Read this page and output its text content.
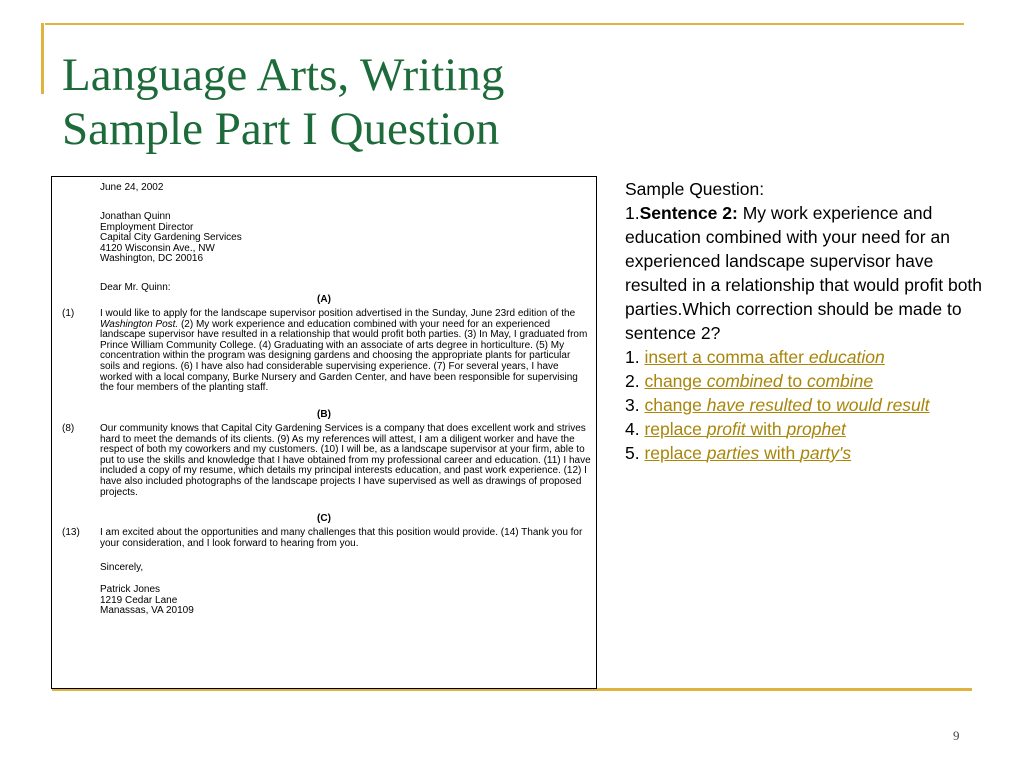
Language Arts, Writing
Sample Part I Question
June 24, 2002
Jonathan Quinn
Employment Director
Capital City Gardening Services
4120 Wisconsin Ave., NW
Washington, DC 20016
Dear Mr. Quinn:
(A)
(1)	I would like to apply for the landscape supervisor position advertised in the Sunday, June 23rd edition of the Washington Post. (2) My work experience and education combined with your need for an experienced landscape supervisor have resulted in a relationship that would profit both parties. (3) In May, I graduated from Prince William Community College. (4) Graduating with an associate of arts degree in horticulture. (5) My concentration within the program was designing gardens and choosing the appropriate plants for particular soils and regions. (6) I have also had considerable supervising experience. (7) For several years, I have worked with a local company, Burke Nursery and Garden Center, and have been responsible for supervising the four members of the planting staff.
(B)
(8)	Our community knows that Capital City Gardening Services is a company that does excellent work and strives hard to meet the demands of its clients. (9) As my references will attest, I am a diligent worker and have the respect of both my coworkers and my customers. (10) I will be, as a landscape supervisor at your firm, able to put to use the skills and knowledge that I have obtained from my professional career and education. (11) I have included a copy of my resume, which details my principal interests education, and past work experience. (12) I have also included photographs of the landscape projects I have supervised as well as drawings of proposed projects.
(C)
(13) I am excited about the opportunities and many challenges that this position would provide. (14) Thank you for your consideration, and I look forward to hearing from you.
Sincerely,
Patrick Jones
1219 Cedar Lane
Manassas, VA 20109

Sample Question:

1.Sentence 2: My work experience and education combined with your need for an experienced landscape supervisor have resulted in a relationship that would profit both parties.Which correction should be made to sentence 2?

1. insert a comma after education

2. change combined to combine

3. change have resulted to would result

4. replace profit with prophet

5. replace parties with party's

9
